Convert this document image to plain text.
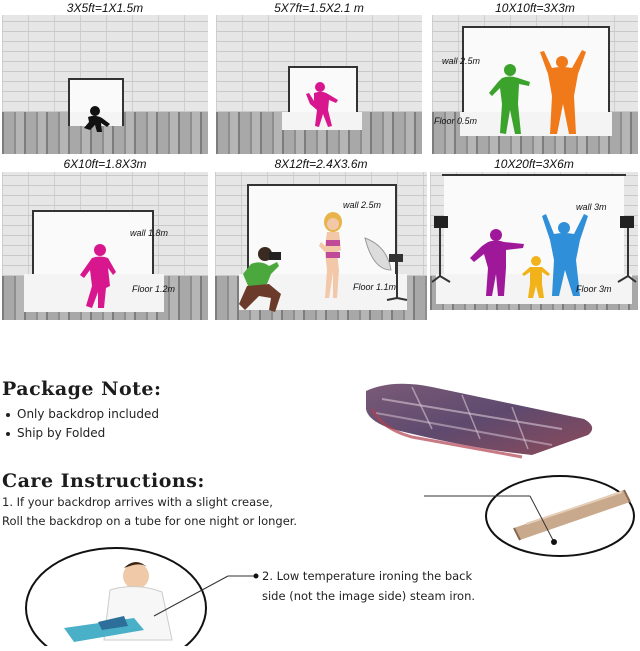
3X5ft=1X1.5m	5X7ft=1.5X2.1 m
wall 2.5m
Floor 0.5m
10X10ft=3X3m
wall 1.8m
Floor 1.2m
6X10ft=1.8X3m
wall 2.5m
Floor 1.1m
8X12ft=2.4X3.6m
wall 3m
Floor 3m
10X20ft=3X6m
Package Note:
Only backdrop included
Ship by Folded
Care Instructions:
1. If your backdrop arrives with a slight crease,
Roll the backdrop on a tube for one night or longer.
2. Low temperature ironing the back
side (not the image side) steam iron.
